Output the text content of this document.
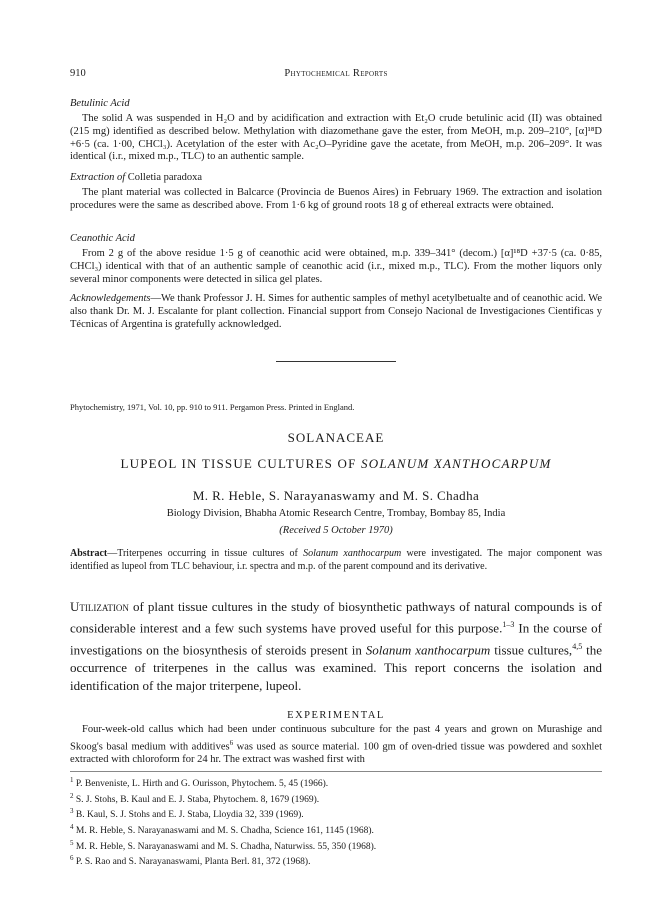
910	Phytochemical Reports

Betulinic Acid

The solid A was suspended in H₂O and by acidification and extraction with Et₂O crude betulinic acid (II) was obtained (215 mg) identified as described below. Methylation with diazomethane gave the ester, from MeOH, m.p. 209–210°, [α]¹⁸D +6·5 (ca. 1·00, CHCl₃). Acetylation of the ester with Ac₂O–Pyridine gave the acetate, from MeOH, m.p. 206–209°. It was identical (i.r., mixed m.p., TLC) to an authentic sample.

Extraction of Colletia paradoxa

The plant material was collected in Balcarce (Provincia de Buenos Aires) in February 1969. The extraction and isolation procedures were the same as described above. From 1·6 kg of ground roots 18 g of ethereal extracts were obtained.

Ceanothic Acid

From 2 g of the above residue 1·5 g of ceanothic acid were obtained, m.p. 339–341° (decom.) [α]¹⁸D +37·5 (ca. 0·85, CHCl₃) identical with that of an authentic sample of ceanothic acid (i.r., mixed m.p., TLC). From the mother liquors only several minor components were detected in silica gel plates.

Acknowledgements—We thank Professor J. H. Simes for authentic samples of methyl acetylbetualte and of ceanothic acid. We also thank Dr. M. J. Escalante for plant collection. Financial support from Consejo Nacional de Investigaciones Cientificas y Técnicas of Argentina is gratefully acknowledged.

Phytochemistry, 1971, Vol. 10, pp. 910 to 911. Pergamon Press. Printed in England.
SOLANACEAE
LUPEOL IN TISSUE CULTURES OF SOLANUM XANTHOCARPUM
M. R. Heble, S. Narayanaswamy and M. S. Chadha
Biology Division, Bhabha Atomic Research Centre, Trombay, Bombay 85, India
(Received 5 October 1970)
Abstract—Triterpenes occurring in tissue cultures of Solanum xanthocarpum were investigated. The major component was identified as lupeol from TLC behaviour, i.r. spectra and m.p. of the parent compound and its derivative.
Utilization of plant tissue cultures in the study of biosynthetic pathways of natural compounds is of considerable interest and a few such systems have proved useful for this purpose.$^{1-3}$ In the course of investigations on the biosynthesis of steroids present in Solanum xanthocarpum tissue cultures,$^{4,5}$ the occurrence of triterpenes in the callus was examined. This report concerns the isolation and identification of the major triterpene, lupeol.
EXPERIMENTAL
Four-week-old callus which had been under continuous subculture for the past 4 years and grown on Murashige and Skoog's basal medium with additives$^6$ was used as source material. 100 gm of oven-dried tissue was powdered and soxhlet extracted with chloroform for 24 hr. The extract was washed first with
$^1$ P. Benveniste, L. Hirth and G. Ourisson, Phytochem. 5, 45 (1966).
$^2$ S. J. Stohs, B. Kaul and E. J. Staba, Phytochem. 8, 1679 (1969).
$^3$ B. Kaul, S. J. Stohs and E. J. Staba, Lloydia 32, 339 (1969).
$^4$ M. R. Heble, S. Narayanaswami and M. S. Chadha, Science 161, 1145 (1968).
$^5$ M. R. Heble, S. Narayanaswami and M. S. Chadha, Naturwiss. 55, 350 (1968).
$^6$ P. S. Rao and S. Narayanaswami, Planta Berl. 81, 372 (1968).
